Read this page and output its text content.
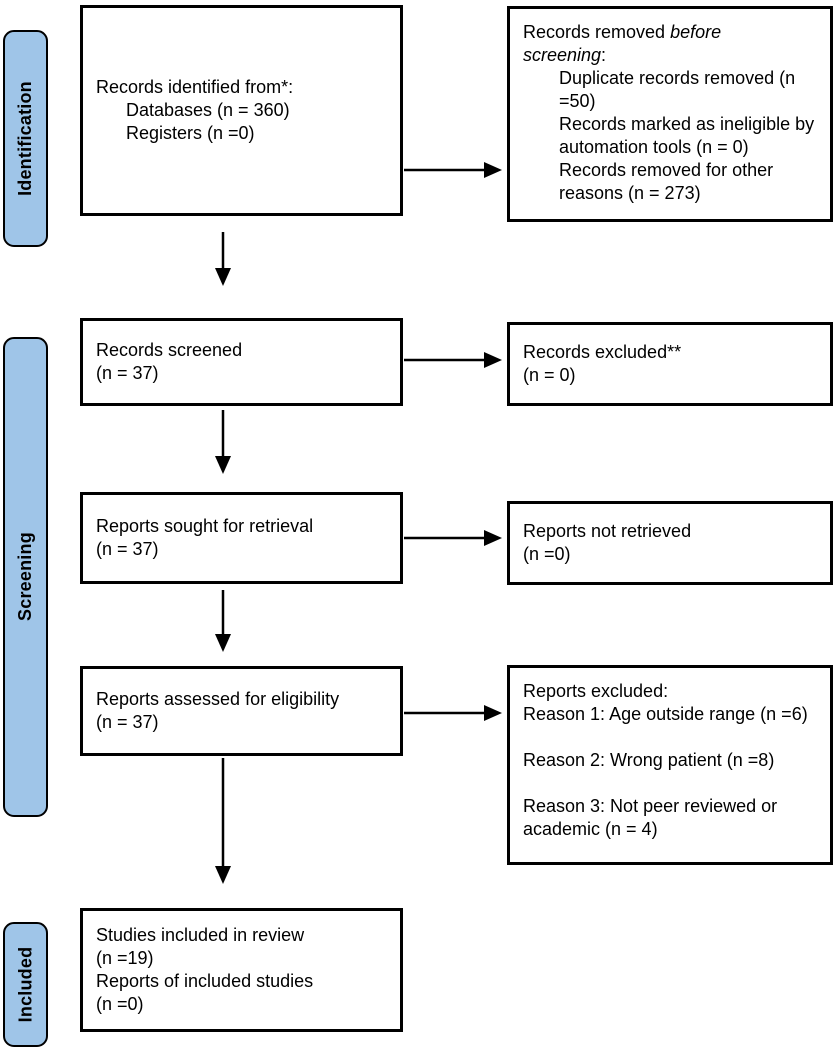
Identification
Screening
Included
Records identified from*:
Databases (n = 360)
Registers (n =0)
Records screened
(n = 37)
Reports sought for retrieval
(n = 37)
Reports assessed for eligibility
(n = 37)
Studies included in review
(n =19)
Reports of included studies
(n =0)
Records removed before
screening:
Duplicate records removed (n =50)
Records marked as ineligible by automation tools (n = 0)
Records removed for other reasons (n = 273)
Records excluded**
(n = 0)
Reports not retrieved
(n =0)
Reports excluded:
Reason 1: Age outside range (n =6)
Reason 2: Wrong patient (n =8)
Reason 3: Not peer reviewed or academic (n = 4)
